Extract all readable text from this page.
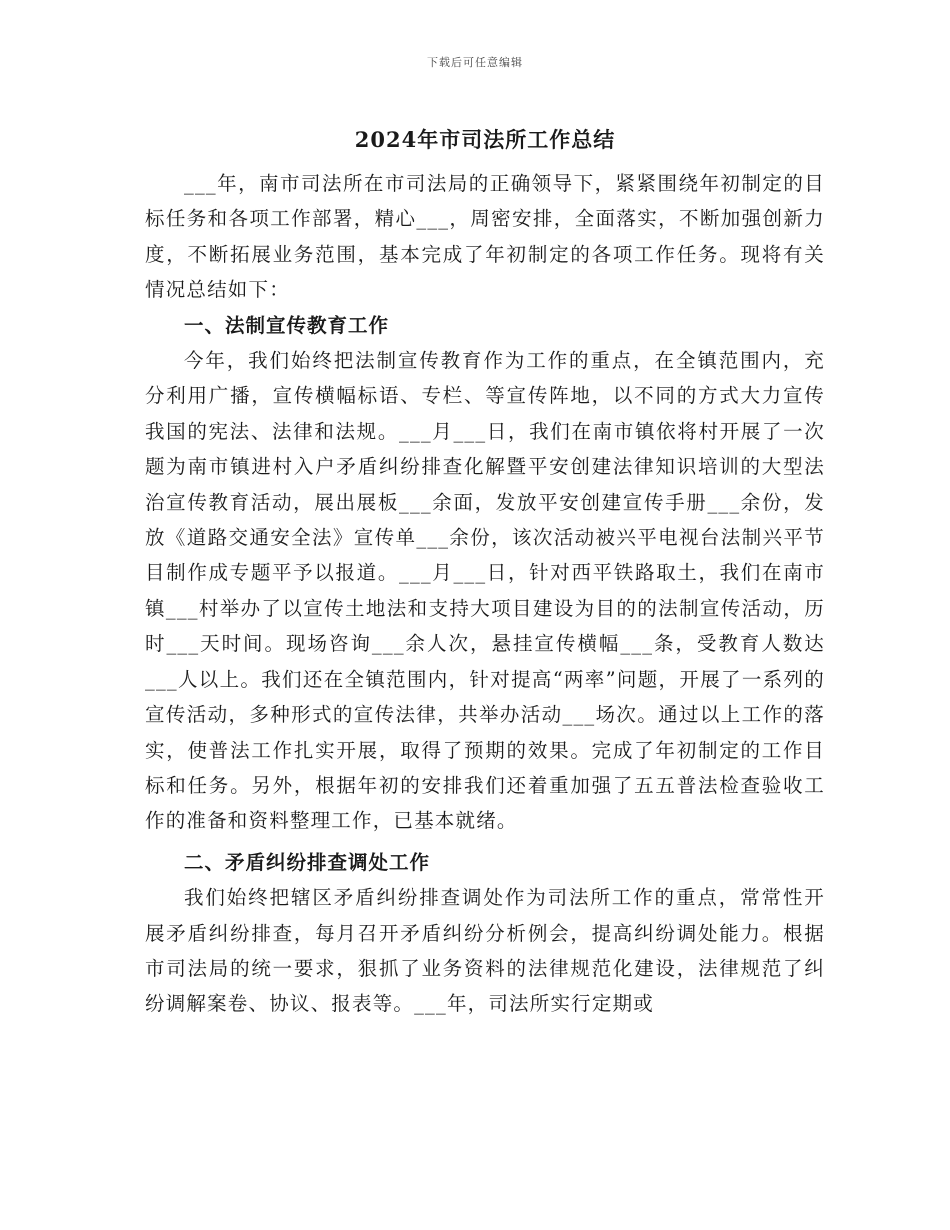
下载后可任意编辑
2024年市司法所工作总结

___年，南市司法所在市司法局的正确领导下，紧紧围绕年初制定的目标任务和各项工作部署，精心___，周密安排，全面落实，不断加强创新力度，不断拓展业务范围，基本完成了年初制定的各项工作任务。现将有关情况总结如下：

一、法制宣传教育工作

今年，我们始终把法制宣传教育作为工作的重点，在全镇范围内，充分利用广播，宣传横幅标语、专栏、等宣传阵地，以不同的方式大力宣传我国的宪法、法律和法规。___月___日，我们在南市镇依将村开展了一次题为南市镇进村入户矛盾纠纷排查化解暨平安创建法律知识培训的大型法治宣传教育活动，展出展板___余面，发放平安创建宣传手册___余份，发放《道路交通安全法》宣传单___余份，该次活动被兴平电视台法制兴平节目制作成专题平予以报道。___月___日，针对西平铁路取土，我们在南市镇___村举办了以宣传土地法和支持大项目建设为目的的法制宣传活动，历时___天时间。现场咨询___余人次，悬挂宣传横幅___条，受教育人数达___人以上。我们还在全镇范围内，针对提高“两率”问题，开展了一系列的宣传活动，多种形式的宣传法律，共举办活动___场次。通过以上工作的落实，使普法工作扎实开展，取得了预期的效果。完成了年初制定的工作目标和任务。另外，根据年初的安排我们还着重加强了五五普法检查验收工作的准备和资料整理工作，已基本就绪。

二、矛盾纠纷排查调处工作

我们始终把辖区矛盾纠纷排查调处作为司法所工作的重点，常常性开展矛盾纠纷排查，每月召开矛盾纠纷分析例会，提高纠纷调处能力。根据市司法局的统一要求，狠抓了业务资料的法律规范化建设，法律规范了纠纷调解案卷、协议、报表等。___年，司法所实行定期或
